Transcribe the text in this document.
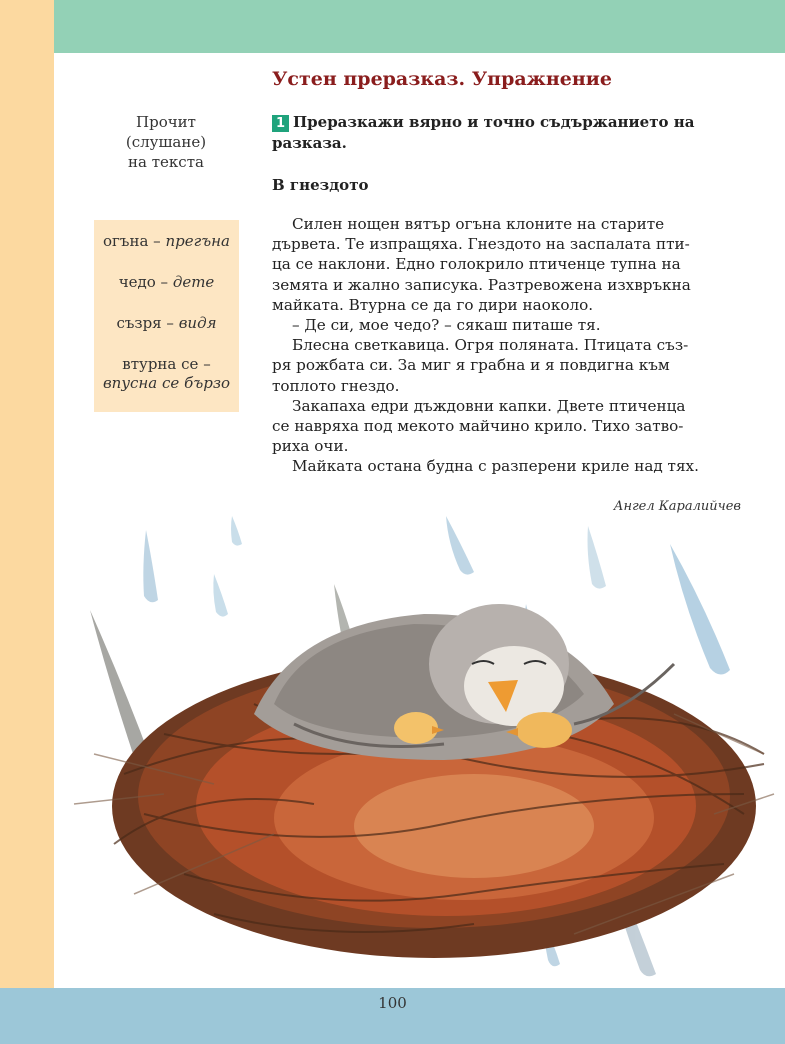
Устен преразказ. Упражнение
Прочит
(слушане)
на текста
огъна – прегъна
чедо – дете
съзря – видя
втурна се –
впусна се бързо
1 Преразкажи вярно и точно съдържанието на
разказа.
В гнездото

Силен нощен вятър огъна клоните на старите

дървета. Те изпращяха. Гнездото на заспалата пти-

ца се наклони. Едно голокрило птиченце тупна на

земята и жално записука. Разтревожена изхвръкна

майката. Втурна се да го дири наоколо.

– Де си, мое чедо? – сякаш питаше тя.

Блесна светкавица. Огря поляната. Птицата съз-

ря рожбата си. За миг я грабна и я повдигна към

топлото гнездо.

Закапаха едри дъждовни капки. Двете птиченца

се навряха под мекото майчино крило. Тихо затво-

риха очи.

Майката остана будна с разперени криле над тях.

Ангел Каралийчев
100
